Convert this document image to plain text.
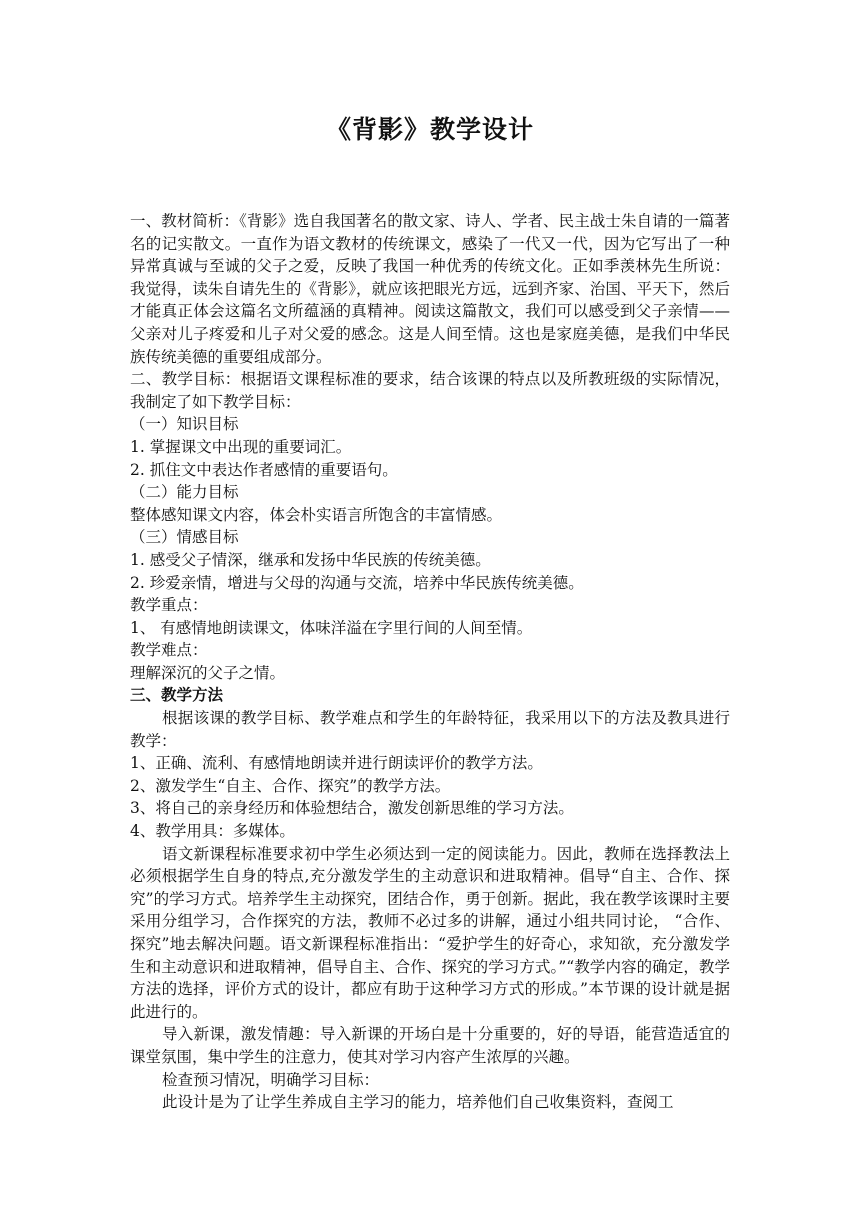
《背影》教学设计

一、教材简析：《背影》选自我国著名的散文家、诗人、学者、民主战士朱自请的一篇著名的记实散文。一直作为语文教材的传统课文，感染了一代又一代，因为它写出了一种异常真诚与至诚的父子之爱，反映了我国一种优秀的传统文化。正如季羡林先生所说：我觉得，读朱自请先生的《背影》，就应该把眼光方远，远到齐家、治国、平天下，然后才能真正体会这篇名文所蕴涵的真精神。阅读这篇散文，我们可以感受到父子亲情——父亲对儿子疼爱和儿子对父爱的感念。这是人间至情。这也是家庭美德，是我们中华民族传统美德的重要组成部分。

二、教学目标：根据语文课程标准的要求，结合该课的特点以及所教班级的实际情况，我制定了如下教学目标：

（一）知识目标

1. 掌握课文中出现的重要词汇。

2. 抓住文中表达作者感情的重要语句。

（二）能力目标

整体感知课文内容，体会朴实语言所饱含的丰富情感。

（三）情感目标

1. 感受父子情深，继承和发扬中华民族的传统美德。

2. 珍爱亲情，增进与父母的沟通与交流，培养中华民族传统美德。

教学重点：

1、 有感情地朗读课文，体味洋溢在字里行间的人间至情。

教学难点：

理解深沉的父子之情。

三、教学方法

根据该课的教学目标、教学难点和学生的年龄特征，我采用以下的方法及教具进行教学：

1、正确、流利、有感情地朗读并进行朗读评价的教学方法。

2、激发学生“自主、合作、探究”的教学方法。

3、将自己的亲身经历和体验想结合，激发创新思维的学习方法。

4、教学用具：多媒体。

语文新课程标准要求初中学生必须达到一定的阅读能力。因此，教师在选择教法上必须根据学生自身的特点,充分激发学生的主动意识和进取精神。倡导“自主、合作、探究”的学习方式。培养学生主动探究，团结合作，勇于创新。据此，我在教学该课时主要采用分组学习，合作探究的方法，教师不必过多的讲解，通过小组共同讨论， “合作、探究”地去解决问题。语文新课程标准指出：“爱护学生的好奇心，求知欲，充分激发学生和主动意识和进取精神，倡导自主、合作、探究的学习方式。”“教学内容的确定，教学方法的选择，评价方式的设计，都应有助于这种学习方式的形成。”本节课的设计就是据此进行的。

导入新课，激发情趣：导入新课的开场白是十分重要的，好的导语，能营造适宜的课堂氛围，集中学生的注意力，使其对学习内容产生浓厚的兴趣。

检查预习情况，明确学习目标：

此设计是为了让学生养成自主学习的能力，培养他们自己收集资料，查阅工
